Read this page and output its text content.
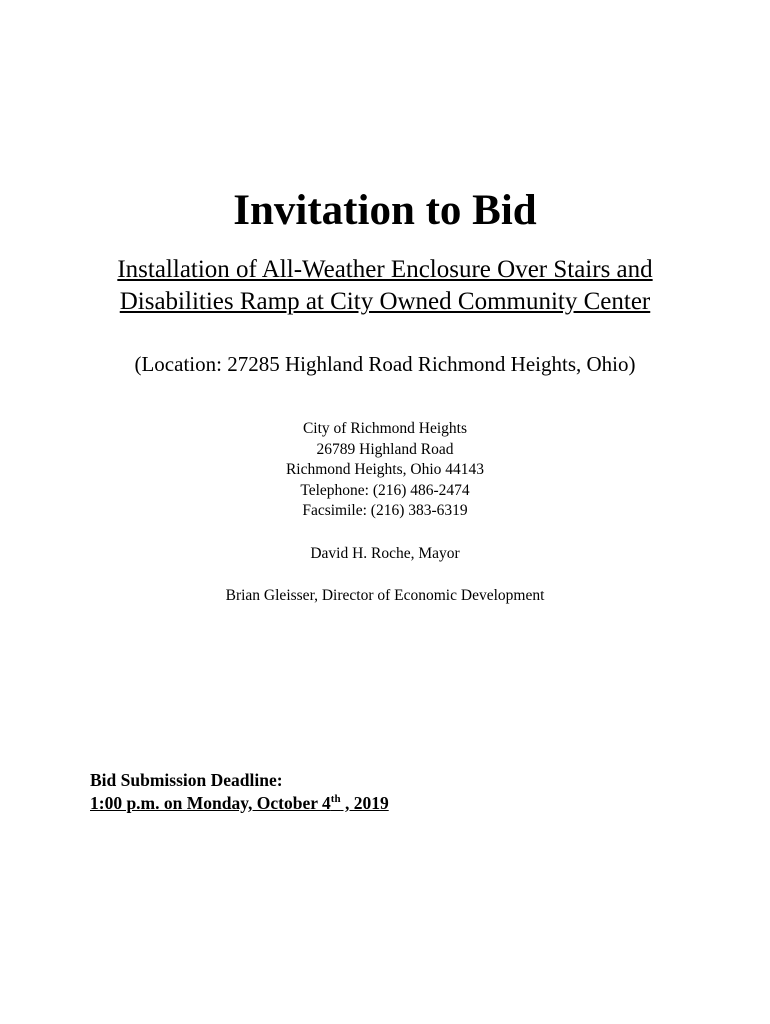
Invitation to Bid

Installation of All-Weather Enclosure Over Stairs and Disabilities Ramp at City Owned Community Center

(Location: 27285 Highland Road Richmond Heights, Ohio)

City of Richmond Heights
26789 Highland Road
Richmond Heights, Ohio 44143
Telephone: (216) 486-2474
Facsimile: (216) 383-6319
David H. Roche, Mayor
Brian Gleisser, Director of Economic Development
Bid Submission Deadline:
1:00 p.m. on Monday, October 4th , 2019
